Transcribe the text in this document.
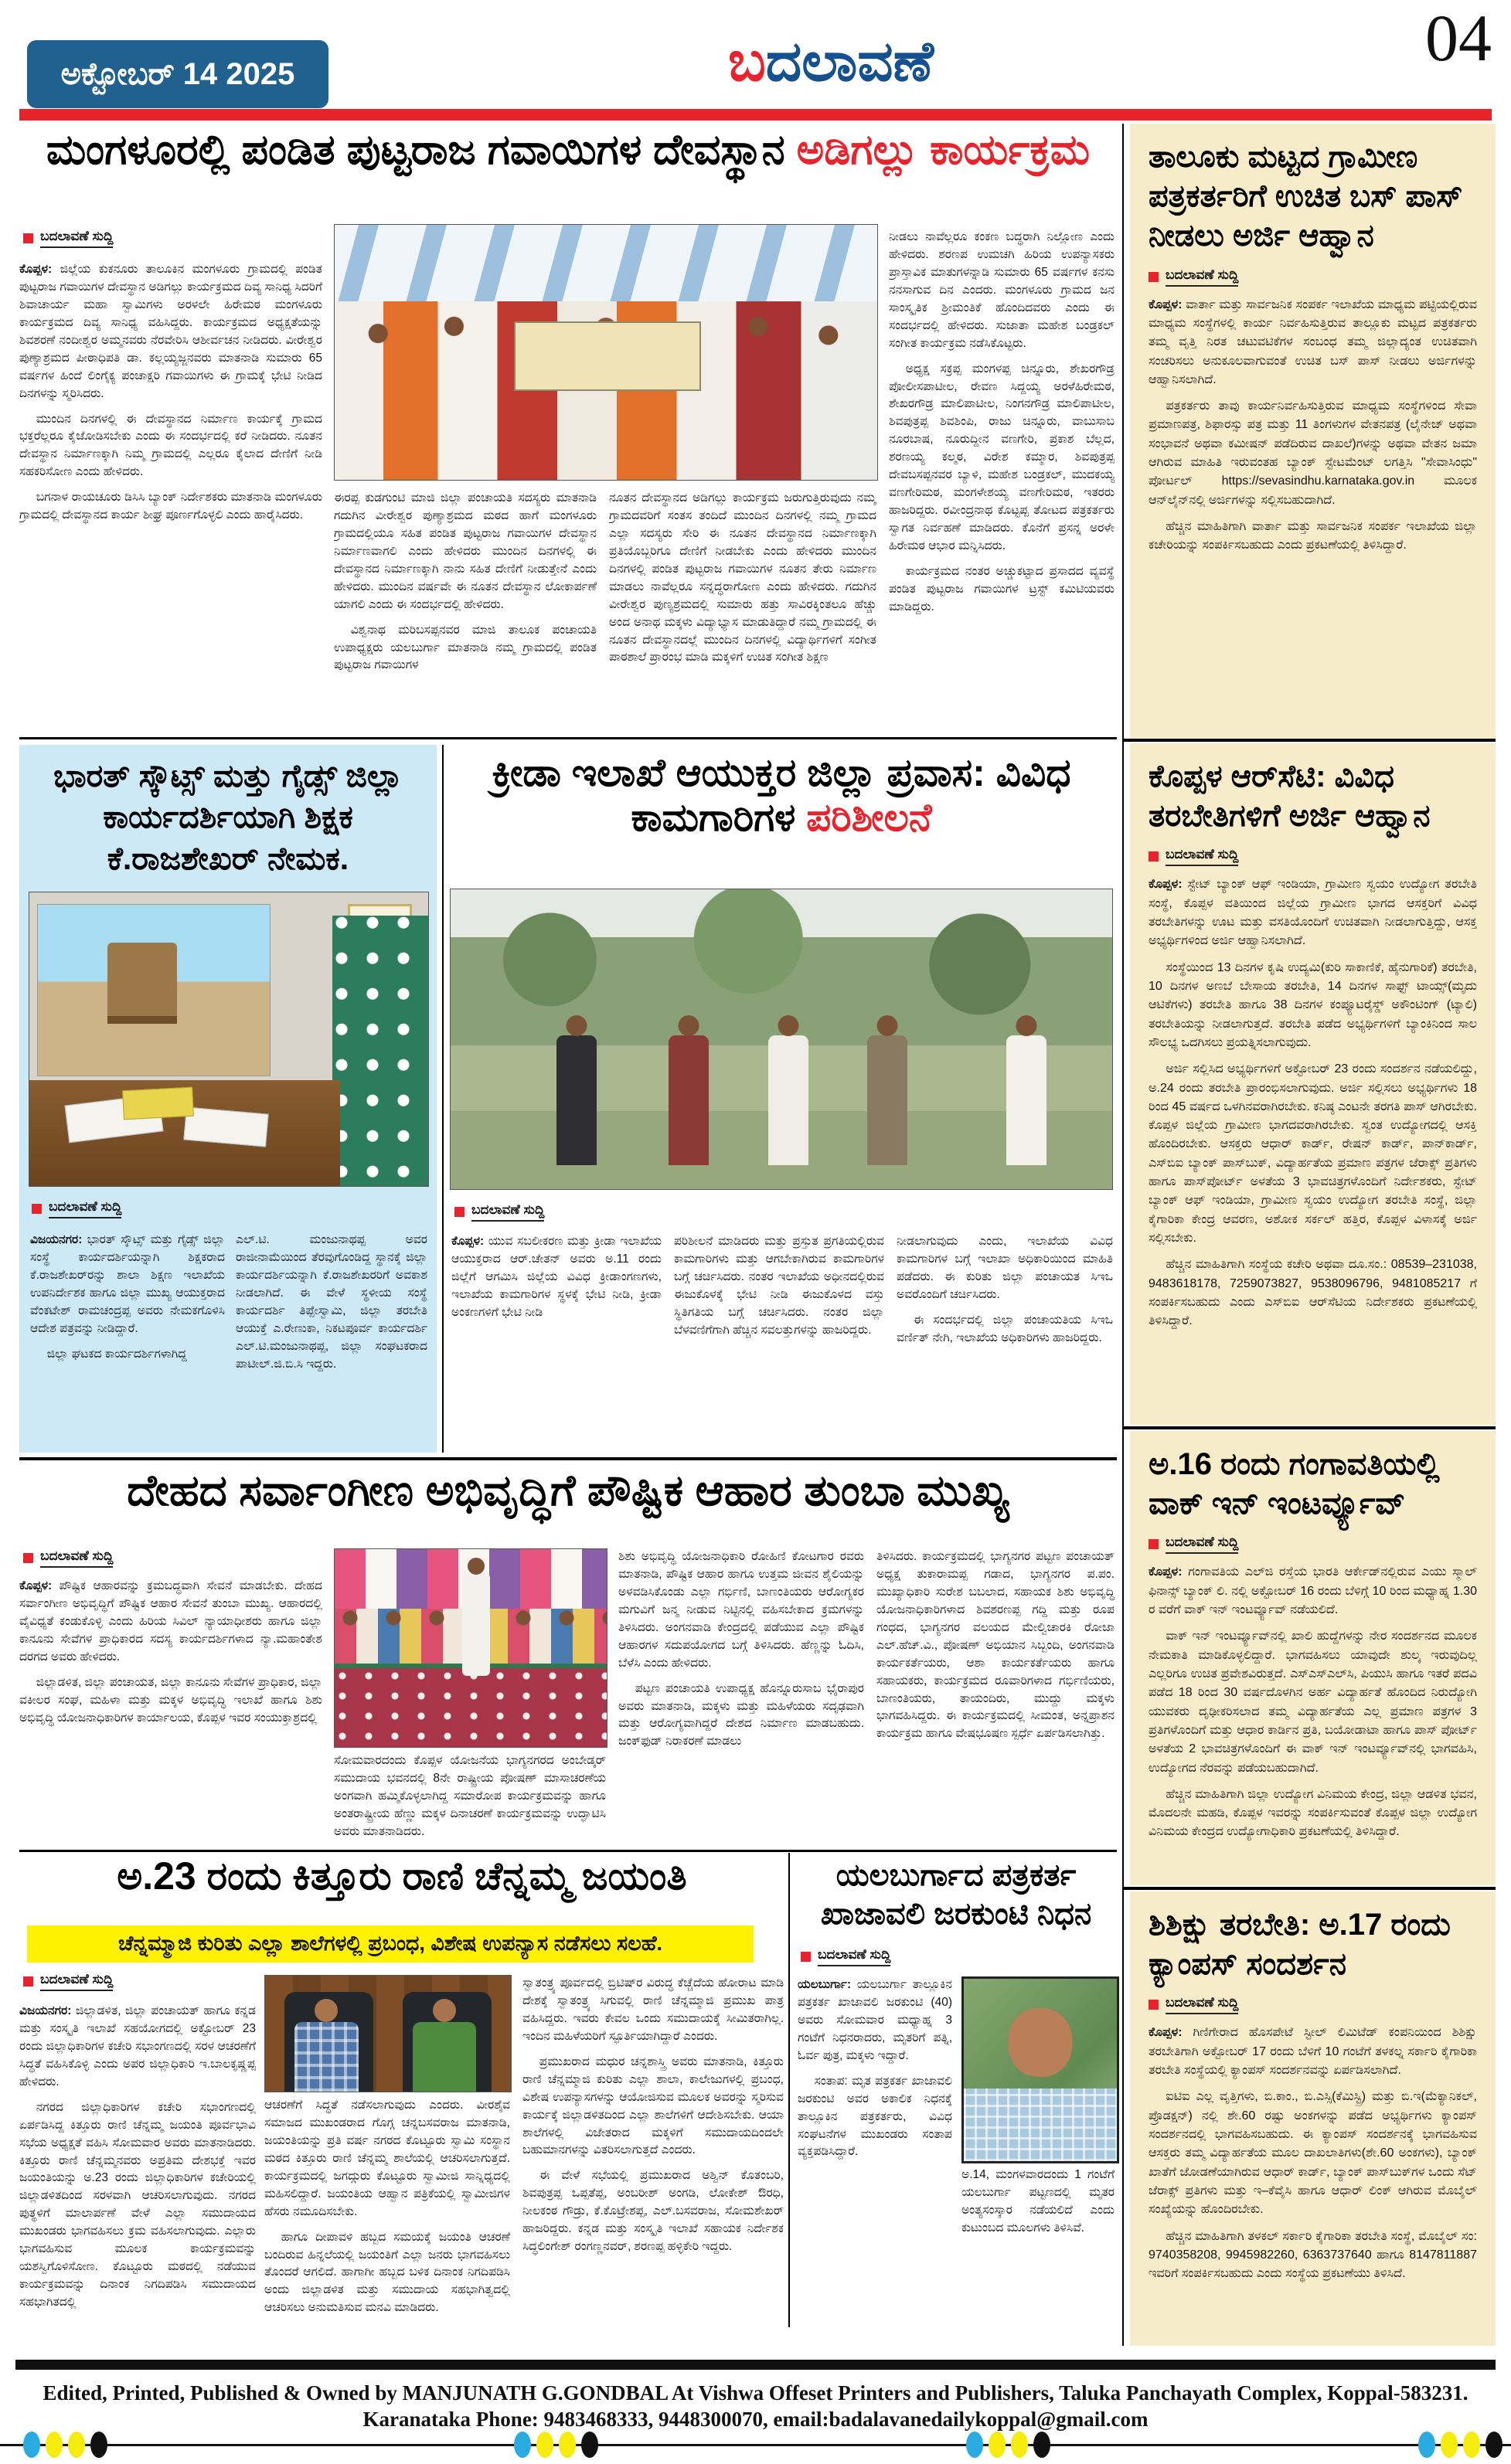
ಅಕ್ಟೋಬರ್ 14 2025	ಬದಲಾವಣೆ	04
ಮಂಗಳೂರಲ್ಲಿ ಪಂಡಿತ ಪುಟ್ಟರಾಜ ಗವಾಯಿಗಳ ದೇವಸ್ಥಾನ ಅಡಿಗಲ್ಲು ಕಾರ್ಯಕ್ರಮ
ಬದಲಾವಣೆ ಸುದ್ದಿ

ಕೊಪ್ಪಳ: ಜಿಲ್ಲೆಯ ಕುಕನೂರು ತಾಲೂಕಿನ ಮಂಗಳೂರು ಗ್ರಾಮದಲ್ಲಿ ಪಂಡಿತ ಪುಟ್ಟರಾಜ ಗವಾಯಿಗಳ ದೇವಸ್ಥಾನ ಅಡಿಗಲ್ಲು ಕಾರ್ಯಕ್ರಮದ ದಿವ್ಯ ಸಾನಿಧ್ಯ ಸಿದರಿಗೆ ಶಿವಾಚಾರ್ಯ ಮಹಾ ಸ್ವಾಮಿಗಳು ಅರಳಲೇ ಹಿರೇಮಠ ಮಂಗಳೂರು ಕಾರ್ಯಕ್ರಮದ ದಿವ್ಯ ಸಾನಿಧ್ಯ ವಹಿಸಿದ್ದರು. ಕಾರ್ಯಕ್ರಮದ ಅಧ್ಯಕ್ಷತೆಯನ್ನು ಶಿವಶರಣೆ ನಂದೀಶ್ವರ ಅಮ್ಮನವರು ನೆರವೇರಿಸಿ ಆಶೀರ್ವಚನ ನೀಡಿದರು. ವೀರೇಶ್ವರ ಪುಣ್ಯಾಶ್ರಮದ ಪೀಠಾಧಿಪತಿ ಡಾ. ಕಲ್ಲಯ್ಯಜ್ಜನವರು ಮಾತನಾಡಿ ಸುಮಾರು 65 ವರ್ಷಗಳ ಹಿಂದೆ ಲಿಂಗೈಕ್ಯ ಪಂಚಾಕ್ಷರಿ ಗವಾಯಿಗಳು ಈ ಗ್ರಾಮಕ್ಕೆ ಭೇಟಿ ನೀಡಿದ ದಿನಗಳನ್ನು ಸ್ಮರಿಸಿದರು.

ಮುಂದಿನ ದಿನಗಳಲ್ಲಿ ಈ ದೇವಸ್ಥಾನದ ನಿರ್ಮಾಣ ಕಾರ್ಯಕ್ಕೆ ಗ್ರಾಮದ ಭಕ್ತರೆಲ್ಲರೂ ಕೈಜೋಡಿಸಬೇಕು ಎಂದು ಈ ಸಂದರ್ಭದಲ್ಲಿ ಕರೆ ನೀಡಿದರು. ನೂತನ ದೇವಸ್ಥಾನ ನಿರ್ಮಾಣಕ್ಕಾಗಿ ನಿಮ್ಮ ಗ್ರಾಮದಲ್ಲಿ ಎಲ್ಲರೂ ಕೈಲಾದ ದೇಣಿಗೆ ನೀಡಿ ಸಹಕರಿಸೋಣ ಎಂದು ಹೇಳಿದರು.

ಬಗನಾಳ ರಾಯಚೂರು ಡಿಸಿಸಿ ಬ್ಯಾಂಕ್ ನಿರ್ದೇಶಕರು ಮಾತನಾಡಿ ಮಂಗಳೂರು ಗ್ರಾಮದಲ್ಲಿ ದೇವಸ್ಥಾನದ ಕಾರ್ಯ ಶೀಘ್ರ ಪೂರ್ಣಗೊಳ್ಳಲಿ ಎಂದು ಹಾರೈಸಿದರು.

ನೀಡಲು ನಾವೆಲ್ಲರೂ ಕಂಕಣ ಬದ್ಧರಾಗಿ ನಿಲ್ಲೋಣ ಎಂದು ಹೇಳಿದರು. ಶರಣಪ ಉಮಚಗಿ ಹಿರಿಯ ಉಪನ್ಯಾಸಕರು ಪ್ರಾಸ್ತಾವಿಕ ಮಾತುಗಳನ್ನಾಡಿ ಸುಮಾರು 65 ವರ್ಷಗಳ ಕನಸು ನನಸಾಗುವ ದಿನ ಎಂದರು. ಮಂಗಳೂರು ಗ್ರಾಮದ ಜನ ಸಾಂಸ್ಕೃತಿಕ ಶ್ರೀಮಂತಿಕೆ ಹೊಂದಿದವರು ಎಂದು ಈ ಸಂದರ್ಭದಲ್ಲಿ ಹೇಳಿದರು. ಸುಜಾತಾ ಮಹೇಶ ಬಂಡ್ರಕಲ್ ಸಂಗೀತ ಕಾರ್ಯಕ್ರಮ ನಡೆಸಿಕೊಟ್ಟರು.

ಅಧ್ಯಕ್ಷ ಸಕ್ರಪ್ಪ ಮಂಗಳಪ್ಪ ಚಿನ್ನೂರು, ಶೇಖರಗೌಡ್ರ ಪೋಲೀಸಪಾಟೀಲ, ರೇವಣ ಸಿದ್ದಯ್ಯ ಅರಳೆಹಿರೇಮಠ, ಶೇಖರಗೌಡ್ರ ಮಾಲಿಪಾಟೀಲ, ನಿಂಗನಗೌಡ್ರ ಮಾಲಿಪಾಟೀಲ, ಶಿವಪುತ್ರಪ್ಪ ಶಿವಶಿಂಪಿ, ರಾಜು ಚಿನ್ನೂರು, ವಾಬುಸಾಬ ನೂರಬಾಷ, ನೂರುದ್ದೀನ ವಣಗೇರಿ, ಪ್ರಕಾಶ ಬೆಲ್ಲದ, ಶರಣಯ್ಯ ಕಲ್ಮಠ, ವಿರೇಶ ಕಮ್ಮಾರ, ಶಿವಪುತ್ರಪ್ಪ ದೇವಬಸಪ್ಪನವರ ಬ್ಯಾಳಿ, ಮಹೇಶ ಬಂಡ್ರಕಲ್, ಮುದಕಯ್ಯ ವಣಗೇರಿಮಠ, ಮಂಗಳೇಶಯ್ಯ ವಣಗೇರಿಮಠ, ಇತರರು ಹಾಜರಿದ್ದರು. ರವೀಂದ್ರನಾಥ ಕೊಟ್ಟಪ್ಪ ತೋಟದ ಪತ್ರಕರ್ತರು ಸ್ವಾಗತ ನಿರ್ವಹಣೆ ಮಾಡಿದರು. ಕೊನೆಗೆ ಪ್ರಸನ್ನ ಅರಳೇ ಹಿರೇಮಠ ಆಭಾರ ಮನ್ನಿಸಿದರು.

ಕಾರ್ಯಕ್ರಮದ ನಂತರ ಅಚ್ಚುಕಟ್ಟಾದ ಪ್ರಸಾದದ ವ್ಯವಸ್ಥೆ ಪಂಡಿತ ಪುಟ್ಟರಾಜ ಗವಾಯಿಗಳ ಟ್ರಸ್ಟ್ ಕಮಿಟಿಯವರು ಮಾಡಿದ್ದರು.

ಈರಪ್ಪ ಕುಡಗುಂಟಿ ಮಾಜಿ ಜಿಲ್ಲಾ ಪಂಚಾಯತಿ ಸದಸ್ಯರು ಮಾತನಾಡಿ ಗದುಗಿನ ವೀರೇಶ್ವರ ಪುಣ್ಯಾಶ್ರಮದ ಮಠದ ಹಾಗೆ ಮಂಗಳೂರು ಗ್ರಾಮದಲ್ಲಿಯೂ ಸಹಿತ ಪಂಡಿತ ಪುಟ್ಟರಾಜ ಗವಾಯಿಗಳ ದೇವಸ್ಥಾನ ನಿರ್ಮಾಣವಾಗಲಿ ಎಂದು ಹೇಳಿದರು ಮುಂದಿನ ದಿನಗಳಲ್ಲಿ ಈ ದೇವಸ್ಥಾನದ ನಿರ್ಮಾಣಕ್ಕಾಗಿ ನಾನು ಸಹಿತ ದೇಣಿಗೆ ನೀಡುತ್ತೇನೆ ಎಂದು ಹೇಳಿದರು. ಮುಂದಿನ ವರ್ಷವೇ ಈ ನೂತನ ದೇವಸ್ಥಾನ ಲೋಕಾರ್ಪಣೆ ಯಾಗಲಿ ಎಂದು ಈ ಸಂದರ್ಭದಲ್ಲಿ ಹೇಳಿದರು.

ವಿಶ್ವನಾಥ ಮರಿಬಸಪ್ಪನವರ ಮಾಜಿ ತಾಲೂಕ ಪಂಚಾಯತಿ ಉಪಾಧ್ಯಕ್ಷರು ಯಲಬುರ್ಗಾ ಮಾತನಾಡಿ ನಮ್ಮ ಗ್ರಾಮದಲ್ಲಿ ಪಂಡಿತ ಪುಟ್ಟರಾಜ ಗವಾಯಿಗಳ

ನೂತನ ದೇವಸ್ಥಾನದ ಅಡಿಗಲ್ಲು ಕಾರ್ಯಕ್ರಮ ಜರುಗುತ್ತಿರುವುದು ನಮ್ಮ ಗ್ರಾಮದವರಿಗೆ ಸಂತಸ ತಂದಿದೆ ಮುಂದಿನ ದಿನಗಳಲ್ಲಿ ನಮ್ಮ ಗ್ರಾಮದ ಎಲ್ಲಾ ಸದಸ್ಯರು ಸೇರಿ ಈ ನೂತನ ದೇವಸ್ಥಾನದ ನಿರ್ಮಾಣಕ್ಕಾಗಿ ಪ್ರತಿಯೊಬ್ಬರಿಗೂ ದೇಣಿಗೆ ನೀಡಬೇಕು ಎಂದು ಹೇಳಿದರು ಮುಂದಿನ ದಿನಗಳಲ್ಲಿ ಪಂಡಿತ ಪುಟ್ಟರಾಜ ಗವಾಯಿಗಳ ನೂತನ ತೇರು ನಿರ್ಮಾಣ ಮಾಡಲು ನಾವೆಲ್ಲರೂ ಸನ್ನದ್ಧರಾಗೋಣ ಎಂದು ಹೇಳಿದರು. ಗದುಗಿನ ವೀರೇಶ್ವರ ಪುಣ್ಯಶ್ರಮದಲ್ಲಿ ಸುಮಾರು ಹತ್ತು ಸಾವಿರಕ್ಕಿಂತಲೂ ಹೆಚ್ಚು ಅಂದ ಅನಾಥ ಮಕ್ಕಳು ವಿದ್ಯಾಭ್ಯಾಸ ಮಾಡುತಿದ್ದಾರೆ ನಮ್ಮ ಗ್ರಾಮದಲ್ಲಿ ಈ ನೂತನ ದೇವಸ್ಥಾನದಲ್ಲೆ ಮುಂದಿನ ದಿನಗಳಲ್ಲಿ ವಿದ್ಯಾರ್ಥಿಗಳಿಗೆ ಸಂಗೀತ ಪಾಠಶಾಲೆ ಪ್ರಾರಂಭ ಮಾಡಿ ಮಕ್ಕಳಿಗೆ ಉಚಿತ ಸಂಗೀತ ಶಿಕ್ಷಣ

ಭಾರತ್ ಸ್ಕೌಟ್ಸ್ ಮತ್ತು ಗೈಡ್ಸ್ ಜಿಲ್ಲಾ ಕಾರ್ಯದರ್ಶಿಯಾಗಿ ಶಿಕ್ಷಕ ಕೆ.ರಾಜಶೇಖರ್ ನೇಮಕ.
ಬದಲಾವಣೆ ಸುದ್ದಿ

ವಿಜಯನಗರ: ಭಾರತ್ ಸ್ಕೌಟ್ಸ್ ಮತ್ತು ಗೈಡ್ಸ್ ಜಿಲ್ಲಾ ಸಂಸ್ಥೆ ಕಾರ್ಯದರ್ಶಿಯನ್ನಾಗಿ ಶಿಕ್ಷಕರಾದ ಕೆ.ರಾಜಶೇಖರ್‌ರನ್ನು ಶಾಲಾ ಶಿಕ್ಷಣ ಇಲಾಖೆಯ ಉಪನಿರ್ದೇಶಕ ಹಾಗೂ ಜಿಲ್ಲಾ ಮುಖ್ಯ ಆಯುಕ್ತರಾದ ವೆಂಕಟೇಶ್ ರಾಮಚಂದ್ರಪ್ಪ ಅವರು ನೇಮಕಗೊಳಿಸಿ ಆದೇಶ ಪತ್ರವನ್ನು ನೀಡಿದ್ದಾರೆ.

ಜಿಲ್ಲಾ ಘಟಕದ ಕಾರ್ಯದರ್ಶಿಗಳಾಗಿದ್ದ

ಎಲ್.ಟಿ. ಮಂಜುನಾಥಪ್ಪ ಅವರ ರಾಜೀನಾಮೆಯಿಂದ ತೆರವುಗೊಂಡಿದ್ದ ಸ್ಥಾನಕ್ಕೆ ಜಿಲ್ಲಾ ಕಾರ್ಯದರ್ಶಿಯನ್ನಾಗಿ ಕೆ.ರಾಜಶೇಖರರಿಗೆ ಅವಕಾಶ ನೀಡಲಾಗಿದೆ. ಈ ವೇಳೆ ಸ್ಥಳೀಯ ಸಂಸ್ಥೆ ಕಾರ್ಯದರ್ಶಿ ತಿಪ್ಪೇಸ್ವಾಮಿ, ಜಿಲ್ಲಾ ತರಬೇತಿ ಆಯುಕ್ತೆ ಎ.ರೇಣುಕಾ, ನಿಕಟಪೂರ್ವ ಕಾರ್ಯದರ್ಶಿ ಎಲ್.ಟಿ.ಮಂಜುನಾಥಪ್ಪ, ಜಿಲ್ಲಾ ಸಂಘಟಕರಾದ ಪಾಟೀಲ್.ಜಿ.ಬಿ.ಸಿ ಇದ್ದರು.

ಕ್ರೀಡಾ ಇಲಾಖೆ ಆಯುಕ್ತರ ಜಿಲ್ಲಾ ಪ್ರವಾಸ: ವಿವಿಧ ಕಾಮಗಾರಿಗಳ ಪರಿಶೀಲನೆ
ಬದಲಾವಣೆ ಸುದ್ದಿ

ಕೊಪ್ಪಳ: ಯುವ ಸಬಲೀಕರಣ ಮತ್ತು ಕ್ರೀಡಾ ಇಲಾಖೆಯ ಆಯುಕ್ತರಾದ ಆರ್.ಚೇತನ್ ಅವರು ಅ.11 ರಂದು ಜಿಲ್ಲೆಗೆ ಆಗಮಿಸಿ ಜಿಲ್ಲೆಯ ವಿವಿಧ ಕ್ರೀಡಾಂಗಣಗಳು, ಇಲಾಖೆಯ ಕಾಮಗಾರಿಗಳ ಸ್ಥಳಕ್ಕೆ ಭೇಟಿ ನೀಡಿ, ಕ್ರೀಡಾ ಅಂಕಣಗಳಿಗೆ ಭೇಟಿ ನೀಡಿ

ಪರಿಶೀಲನೆ ಮಾಡಿದರು ಮತ್ತು ಪ್ರಸ್ತುತ ಪ್ರಗತಿಯಲ್ಲಿರುವ ಕಾಮಗಾರಿಗಳು ಮತ್ತು ಆಗಬೇಕಾಗಿರುವ ಕಾಮಗಾರಿಗಳ ಬಗ್ಗೆ ಚರ್ಚಿಸಿದರು. ನಂತರ ಇಲಾಖೆಯ ಅಧೀನದಲ್ಲಿರುವ ಈಜುಕೊಳಕ್ಕೆ ಭೇಟಿ ನೀಡಿ ಈಜುಕೊಳದ ವಸ್ತು ಸ್ಥಿತಿಗತಿಯ ಬಗ್ಗೆ ಚರ್ಚಿಸಿದರು. ನಂತರ ಜಿಲ್ಲಾ ಬೆಳವಣಿಗೆಗಾಗಿ ಹೆಚ್ಚಿನ ಸವಲತ್ತುಗಳನ್ನು ಹಾಜರಿದ್ದರು.

ನೀಡಲಾಗುವುದು ಎಂದು, ಇಲಾಖೆಯ ವಿವಿಧ ಕಾಮಗಾರಿಗಳ ಬಗ್ಗೆ ಇಲಾಖಾ ಅಧಿಕಾರಿಯಿಂದ ಮಾಹಿತಿ ಪಡೆದರು. ಈ ಕುರಿತು ಜಿಲ್ಲಾ ಪಂಚಾಯತ ಸಿಇಒ ಅವರೊಂದಿಗೆ ಚರ್ಚಿಸಿದರು.

ಈ ಸಂದರ್ಭದಲ್ಲಿ ಜಿಲ್ಲಾ ಪಂಚಾಯತಿಯ ಸಿಇಒ ವರ್ಣಿತ್ ನೇಗಿ, ಇಲಾಖೆಯ ಅಧಿಕಾರಿಗಳು ಹಾಜರಿದ್ದರು.

ದೇಹದ ಸರ್ವಾಂಗೀಣ ಅಭಿವೃದ್ಧಿಗೆ ಪೌಷ್ಟಿಕ ಆಹಾರ ತುಂಬಾ ಮುಖ್ಯ
ಬದಲಾವಣೆ ಸುದ್ದಿ

ಕೊಪ್ಪಳ: ಪೌಷ್ಟಿಕ ಆಹಾರವನ್ನು ಕ್ರಮಬದ್ಧವಾಗಿ ಸೇವನೆ ಮಾಡಬೇಕು. ದೇಹದ ಸರ್ವಾಂಗೀಣ ಅಭಿವೃದ್ಧಿಗೆ ಪೌಷ್ಟಿಕ ಆಹಾರ ಸೇವನೆ ತುಂಬಾ ಮುಖ್ಯ. ಆಹಾರದಲ್ಲಿ ವೈವಿಧ್ಯತೆ ಕಂಡುಕೊಳ್ಳಿ ಎಂದು ಹಿರಿಯ ಸಿವಿಲ್ ನ್ಯಾಯಾಧೀಶರು ಹಾಗೂ ಜಿಲ್ಲಾ ಕಾನೂನು ಸೇವೆಗಳ ಪ್ರಾಧಿಕಾರದ ಸದಸ್ಯ ಕಾರ್ಯದರ್ಶಿಗಳಾದ ನ್ಯಾ.ಮಹಾಂತೇಶ ದರಗದ ಅವರು ಹೇಳಿದರು.

ಜಿಲ್ಲಾಡಳಿತ, ಜಿಲ್ಲಾ ಪಂಚಾಯತ, ಜಿಲ್ಲಾ ಕಾನೂನು ಸೇವೆಗಳ ಪ್ರಾಧಿಕಾರ, ಜಿಲ್ಲಾ ವಕೀಲರ ಸಂಘ, ಮಹಿಳಾ ಮತ್ತು ಮಕ್ಕಳ ಅಭಿವೃದ್ಧಿ ಇಲಾಖೆ ಹಾಗೂ ಶಿಶು ಅಭಿವೃದ್ಧಿ ಯೋಜನಾಧಿಕಾರಿಗಳ ಕಾರ್ಯಾಲಯ, ಕೊಪ್ಪಳ ಇವರ ಸಂಯುಕ್ತಾಶ್ರದಲ್ಲಿ

ಸೋಮವಾರದಂದು ಕೊಪ್ಪಳ ಯೋಜನೆಯ ಭಾಗ್ಯನಗರದ ಅಂಬೇಡ್ಕರ್ ಸಮುದಾಯ ಭವನದಲ್ಲಿ 8ನೇ ರಾಷ್ಟ್ರೀಯ ಪೋಷಣ್ ಮಾಸಾಚರಣೆಯ ಅಂಗವಾಗಿ ಹಮ್ಮಿಕೊಳ್ಳಲಾಗಿದ್ದ ಸಮಾರೋಪ ಕಾರ್ಯಕ್ರಮವನ್ನು ಹಾಗೂ ಅಂತರಾಷ್ಟ್ರೀಯ ಹೆಣ್ಣು ಮಕ್ಕಳ ದಿನಾಚರಣೆ ಕಾರ್ಯಕ್ರಮವನ್ನು ಉದ್ಘಾಟಿಸಿ ಅವರು ಮಾತನಾಡಿದರು.

ಶಿಶು ಅಭಿವೃದ್ಧಿ ಯೋಜನಾಧಿಕಾರಿ ರೋಹಿಣಿ ಕೋಟಗಾರ ರವರು ಮಾತನಾಡಿ, ಪೌಷ್ಟಿಕ ಆಹಾರ ಹಾಗೂ ಉತ್ತಮ ಜೀವನ ಶೈಲಿಯನ್ನು ಅಳವಡಿಸಿಕೊಂಡು ಎಲ್ಲಾ ಗರ್ಭಿಣಿ, ಬಾಣಂತಿಯರು ಆರೋಗ್ಯಕರ ಮಗುವಿಗೆ ಜನ್ಮ ನೀಡುವ ನಿಟ್ಟಿನಲ್ಲಿ ವಹಿಸಬೇಕಾದ ಕ್ರಮಗಳನ್ನು ತಿಳಿಸಿದರು. ಅಂಗನವಾಡಿ ಕೇಂದ್ರದಲ್ಲಿ ಪಡೆಯುವ ಎಲ್ಲಾ ಪೌಷ್ಟಿಕ ಆಹಾರಗಳ ಸದುಪಯೋಗದ ಬಗ್ಗೆ ತಿಳಿಸಿದರು. ಹೆಣ್ಣನ್ನು ಓದಿಸಿ, ಬೆಳೆಸಿ ಎಂದು ಹೇಳಿದರು.

ಪಟ್ಟಣ ಪಂಚಾಯತಿ ಉಪಾಧ್ಯಕ್ಷ ಹೊನ್ನೂರುಸಾಬ ಭೈರಾಪುರ ಅವರು ಮಾತನಾಡಿ, ಮಕ್ಕಳು ಮತ್ತು ಮಹಿಳೆಯರು ಸದೃಢವಾಗಿ ಮತ್ತು ಆರೋಗ್ಯವಾಗಿದ್ದರೆ ದೇಶದ ನಿರ್ಮಾಣ ಮಾಡಬಹುದು. ಜಂಕ್‌ಫುಡ್ ನಿರಾಕರಣೆ ಮಾಡಲು

ತಿಳಿಸಿದರು. ಕಾರ್ಯಕ್ರಮದಲ್ಲಿ ಭಾಗ್ಯನಗರ ಪಟ್ಟಣ ಪಂಚಾಯತ್ ಅಧ್ಯಕ್ಷ ತುಕಾರಾಮಪ್ಪ ಗಡಾದ, ಭಾಗ್ಯನಗರ ಪ.ಪಂ. ಮುಖ್ಯಾಧಿಕಾರಿ ಸುರೇಶ ಬಬಲಾದ, ಸಹಾಯಕ ಶಿಶು ಅಭಿವೃದ್ಧಿ ಯೋಜನಾಧಿಕಾರಿಗಳಾದ ಶಿವಶರಣಪ್ಪ ಗದ್ದಿ ಮತ್ತು ರೂಪ ಗಂಧದ, ಭಾಗ್ಯನಗರ ವಲಯದ ಮೇಲ್ವಿಚಾರಕಿ ರೋಜಾ ಎಲ್.ಹೆಚ್.ವಿ., ಪೋಷಣ್ ಅಭಿಯಾನ ಸಿಬ್ಬಂದಿ, ಅಂಗನವಾಡಿ ಕಾರ್ಯಕರ್ತೆಯರು, ಆಶಾ ಕಾರ್ಯಕರ್ತೆಯರು ಹಾಗೂ ಸಹಾಯಕರು, ಕಾರ್ಯಕ್ರಮದ ರೂವಾರಿಗಳಾದ ಗರ್ಭಿಣಿಯರು, ಬಾಣಂತಿಯರು, ತಾಯಂದಿರು, ಮುದ್ದು ಮಕ್ಕಳು ಭಾಗವಹಿಸಿದ್ದರು. ಈ ಕಾರ್ಯಕ್ರಮದಲ್ಲಿ ಸೀಮಂತ, ಅನ್ನಪ್ರಾಶನ ಕಾರ್ಯಕ್ರಮ ಹಾಗೂ ವೇಷಭೂಷಣ ಸ್ಪರ್ಧೆ ಏರ್ಪಡಿಸಲಾಗಿತ್ತು.

ಅ.23 ರಂದು ಕಿತ್ತೂರು ರಾಣಿ ಚೆನ್ನಮ್ಮ ಜಯಂತಿ
ಚೆನ್ನಮ್ಮಾಜಿ ಕುರಿತು ಎಲ್ಲಾ ಶಾಲೆಗಳಲ್ಲಿ ಪ್ರಬಂಧ, ವಿಶೇಷ ಉಪನ್ಯಾಸ ನಡೆಸಲು ಸಲಹೆ.
ಬದಲಾವಣೆ ಸುದ್ದಿ

ವಿಜಯನಗರ: ಜಿಲ್ಲಾಡಳಿತ, ಜಿಲ್ಲಾ ಪಂಚಾಯತ್ ಹಾಗೂ ಕನ್ನಡ ಮತ್ತು ಸಂಸ್ಕೃತಿ ಇಲಾಖೆ ಸಹಯೋಗದಲ್ಲಿ ಅಕ್ಟೋಬರ್ 23 ರಂದು ಜಿಲ್ಲಾಧಿಕಾರಿಗಳ ಕಚೇರಿ ಸಭಾಂಗಣದಲ್ಲಿ ಸರಳ ಆಚರಣೆಗೆ ಸಿದ್ಧತೆ ವಹಿಸಿಕೊಳ್ಳಿ ಎಂದು ಅಪರ ಜಿಲ್ಲಾಧಿಕಾರಿ ಇ.ಬಾಲಕೃಷ್ಣಪ್ಪ ಹೇಳಿದರು.

ನಗರದ ಜಿಲ್ಲಾಧಿಕಾರಿಗಳ ಕಚೇರಿ ಸಭಾಂಗಣದಲ್ಲಿ ಏರ್ಪಡಿಸಿದ್ದ ಕಿತ್ತೂರು ರಾಣಿ ಚೆನ್ನಮ್ಮ ಜಯಂತಿ ಪೂರ್ವಭಾವಿ ಸಭೆಯ ಅಧ್ಯಕ್ಷತೆ ವಹಿಸಿ ಸೋಮವಾರ ಅವರು ಮಾತನಾಡಿದರು. ಕಿತ್ತೂರು ರಾಣಿ ಚೆನ್ನಮ್ಮನವರು ಅಪ್ರತಿಮ ದೇಶಭಕ್ತೆ ಇವರ ಜಯಂತಿಯನ್ನು ಅ.23 ರಂದು ಜಿಲ್ಲಾಧಿಕಾರಿಗಳ ಕಚೇರಿಯಲ್ಲಿ ಜಿಲ್ಲಾಡಳಿತದಿಂದ ಸರಳವಾಗಿ ಆಚರಿಸಲಾಗುವುದು. ನಗರದ ಪುತ್ಥಳಿಗೆ ಮಾಲಾರ್ಪಣೆ ವೇಳೆ ಎಲ್ಲಾ ಸಮುದಾಯದ ಮುಖಂಡರು ಭಾಗವಹಿಸಲು ಕ್ರಮ ವಹಿಸಲಾಗುವುದು. ಎಲ್ಲಾರು ಭಾಗವಹಿಸುವ ಮೂಲಕ ಕಾರ್ಯಕ್ರಮವನ್ನು ಯಶಸ್ವಿಗೊಳಿಸೋಣ. ಕೊಟ್ಟೂರು ಮಠದಲ್ಲಿ ನಡೆಯುವ ಕಾರ್ಯಕ್ರಮವನ್ನು ದಿನಾಂಕ ನಿಗದಿಪಡಿಸಿ ಸಮುದಾಯದ ಸಹಭಾಗಿತದಲ್ಲಿ

ಆಚರಣೆಗೆ ಸಿದ್ಧತೆ ನಡೆಸಲಾಗುವುದು ಎಂದರು. ವೀರಶೈವ ಸಮಾಜದ ಮುಖಂಡರಾದ ಗೊಗ್ಗ ಚನ್ನಬಸವರಾಜ ಮಾತನಾಡಿ, ಜಯಂತಿಯನ್ನು ಪ್ರತಿ ವರ್ಷ ನಗರದ ಕೊಟ್ಟೂರು ಸ್ವಾಮಿ ಸಂಸ್ಥಾನ ಮಠದ ಕಿತ್ತೂರು ರಾಣಿ ಚೆನ್ನಮ್ಮ ಶಾಲೆಯಲ್ಲಿ ಆಚರಿಸಲಾಗುತ್ತದೆ. ಕಾರ್ಯಕ್ರಮದಲ್ಲಿ ಜಗದ್ಗುರು ಕೊಟ್ಟೂರು ಸ್ವಾಮೀಜಿ ಸಾನ್ನಿಧ್ಯದಲ್ಲಿ ಮಹಿಸಲಿದ್ದಾರೆ. ಜಯಂತಿಯ ಆಹ್ವಾನ ಪತ್ರಿಕೆಯಲ್ಲಿ ಸ್ವಾಮೀಜಿಗಳ ಹೆಸರು ನಮೂದಿಸಬೇಕು.

ಹಾಗೂ ದೀಪಾವಳಿ ಹಬ್ಬದ ಸಮಯಕ್ಕೆ ಜಯಂತಿ ಆಚರಣೆ ಬಂದಿರುವ ಹಿನ್ನಲೆಯಲ್ಲಿ ಜಯಂತಿಗೆ ಎಲ್ಲಾ ಜನರು ಭಾಗವಹಿಸಲು ತೊಂದರೆ ಆಗಲಿದೆ. ಹಾಗಾಗೀ ಹಬ್ಬದ ಬಳಿಕ ದಿನಾಂಕ ನಿಗದಿಪಡಿಸಿ ಅಂದು ಜಿಲ್ಲಾಡಳಿತ ಮತ್ತು ಸಮುದಾಯ ಸಹಭಾಗಿತ್ವದಲ್ಲಿ ಆಚರಿಸಲು ಅನುಮತಿಸುವ ಮನವಿ ಮಾಡಿದರು.

ಸ್ವಾತಂತ್ರ್ಯ ಪೂರ್ವದಲ್ಲಿ ಬ್ರಿಟಿಷ್‌ರ ವಿರುದ್ಧ ಕೆಚ್ಚೆದೆಯ ಹೋರಾಟ ಮಾಡಿ ದೇಶಕ್ಕೆ ಸ್ವಾತಂತ್ರ್ಯ ಸಿಗುವಲ್ಲಿ ರಾಣಿ ಚೆನ್ನಮ್ಮಾಜಿ ಪ್ರಮುಖ ಪಾತ್ರ ವಹಿಸಿದ್ದರು. ಇವರು ಕೇವಲ ಒಂದು ಸಮುದಾಯಕ್ಕೆ ಸೀಮಿತರಾಗಿಲ್ಲ. ಇಂದಿನ ಮಹಿಳೆಯರಿಗೆ ಸ್ಫೂರ್ತಿಯಾಗಿದ್ದಾರೆ ಎಂದರು.

ಪ್ರಮುಖರಾದ ಮಧುರ ಚನ್ನಶಾಸ್ತ್ರಿ ಅವರು ಮಾತನಾಡಿ, ಕಿತ್ತೂರು ರಾಣಿ ಚೆನ್ನಮ್ಮಾಜಿ ಕುರಿತು ಎಲ್ಲಾ ಶಾಲಾ, ಕಾಲೇಜುಗಳಲ್ಲಿ ಪ್ರಬಂಧ, ವಿಶೇಷ ಉಪನ್ಯಾಸಗಳನ್ನು ಆಯೋಜಿಸುವ ಮೂಲಕ ಅವರನ್ನು ಸ್ಮರಿಸುವ ಕಾರ್ಯಕ್ಕೆ ಜಿಲ್ಲಾಡಳಿತದಿಂದ ಎಲ್ಲಾ ಶಾಲೆಗಳಿಗೆ ಆದೇಶಿಸಬೇಕು. ಆಯಾ ಶಾಲೆಗಳಲ್ಲಿ ವಿಜೇತರಾದ ಮಕ್ಕಳಿಗೆ ಸಮುದಾಯದಿಂದಲೇ ಬಹುಮಾನಗಳನ್ನು ವಿತರಿಸಲಾಗುತ್ತದೆ ಎಂದರು.

ಈ ವೇಳೆ ಸಭೆಯಲ್ಲಿ ಪ್ರಮುಖರಾದ ಅಶ್ವಿನ್ ಕೊತಂಬರಿ, ಶಿವಪುತ್ರಪ್ಪ ಒಪ್ಪತೆಪ್ಪ, ಅಂಬರೀಶ್ ಅಂಗಡಿ, ಲೋಕೇಶ್ ಔರಧಿ, ನೀಲಕಂಠ ಗೌಡ್ರು, ಕೆ.ಕೊಟ್ರೇಶಪ್ಪ, ಎಲ್.ಬಸವರಾಜ, ಸೋಮಶೇಖರ್ ಹಾಜರಿದ್ದರು. ಕನ್ನಡ ಮತ್ತು ಸಂಸ್ಕೃತಿ ಇಲಾಖೆ ಸಹಾಯಕ ನಿರ್ದೇಶಕ ಸಿದ್ಧಲಿಂಗೇಶ್ ರಂಗಣ್ಣನವರ್, ಶರಣಪ್ಪ ಹಳ್ಳಿಕೇರಿ ಇದ್ದರು.

ಯಲಬುರ್ಗಾದ ಪತ್ರಕರ್ತ ಖಾಜಾವಲಿ ಜರಕುಂಟಿ ನಿಧನ
ಬದಲಾವಣೆ ಸುದ್ದಿ

ಯಲಬುರ್ಗಾ: ಯಲಬುರ್ಗಾ ತಾಲ್ಲೂಕಿನ ಪತ್ರಕರ್ತ ಖಾಜಾವಲಿ ಜರಕುಂಟಿ (40) ಅವರು ಸೋಮವಾರ ಮಧ್ಯಾಹ್ನ 3 ಗಂಟೆಗೆ ನಿಧನರಾದರು, ಮೃತರಿಗೆ ಪತ್ನಿ, ಓರ್ವ ಪುತ್ರ, ಮಕ್ಕಳು ಇದ್ದಾರೆ.

ಸಂತಾಪ: ಮೃತ ಪತ್ರಕರ್ತ ಖಾಜಾವಲಿ ಜರಕುಂಟಿ ಅವರ ಅಕಾಲಿಕ ನಿಧನಕ್ಕೆ ತಾಲ್ಲೂಕಿನ ಪತ್ರಕರ್ತರು, ವಿವಿಧ ಸಂಘಟನೆಗಳ ಮುಖಂಡರು ಸಂತಾಪ ವ್ಯಕ್ತಪಡಿಸಿದ್ದಾರೆ.

ಅ.14, ಮಂಗಳವಾರದಂದು 1 ಗಂಟೆಗೆ ಯಲಬುರ್ಗಾ ಪಟ್ಟಣದಲ್ಲಿ ಮೃತರ ಅಂತ್ಯಸಂಸ್ಕಾರ ನಡೆಯಲಿದೆ ಎಂದು ಕುಟುಂಬದ ಮೂಲಗಳು ತಿಳಿಸಿವೆ.

ತಾಲೂಕು ಮಟ್ಟದ ಗ್ರಾಮೀಣ ಪತ್ರಕರ್ತರಿಗೆ ಉಚಿತ ಬಸ್ ಪಾಸ್ ನೀಡಲು ಅರ್ಜಿ ಆಹ್ವಾನ
ಬದಲಾವಣೆ ಸುದ್ದಿ

ಕೊಪ್ಪಳ: ವಾರ್ತಾ ಮತ್ತು ಸಾರ್ವಜನಿಕ ಸಂಪರ್ಕ ಇಲಾಖೆಯ ಮಾಧ್ಯಮ ಪಟ್ಟಿಯಲ್ಲಿರುವ ಮಾಧ್ಯಮ ಸಂಸ್ಥೆಗಳಲ್ಲಿ ಕಾರ್ಯ ನಿರ್ವಹಿಸುತ್ತಿರುವ ತಾಲ್ಲೂಕು ಮಟ್ಟದ ಪತ್ರಕರ್ತರು ತಮ್ಮ ವೃತ್ತಿ ನಿರತ ಚಟುವಟಿಕೆಗಳ ಸಂಬಂಧ ತಮ್ಮ ಜಿಲ್ಲಾದ್ಯಂತ ಉಚಿತವಾಗಿ ಸಂಚರಿಸಲು ಅನುಕೂಲವಾಗುವಂತೆ ಉಚಿತ ಬಸ್ ಪಾಸ್ ನೀಡಲು ಅರ್ಜಿಗಳನ್ನು ಆಹ್ವಾನಿಸಲಾಗಿದೆ.

ಪತ್ರಕರ್ತರು ತಾವು ಕಾರ್ಯನಿರ್ವಹಿಸುತ್ತಿರುವ ಮಾಧ್ಯಮ ಸಂಸ್ಥೆಗಳಿಂದ ಸೇವಾ ಪ್ರಮಾಣಪತ್ರ, ಶಿಫಾರಸ್ಸು ಪತ್ರ ಮತ್ತು 11 ತಿಂಗಳುಗಳ ವೇತನಪತ್ರ (ಲೈನೇಜ್ ಅಥವಾ ಸಂಭಾವನೆ ಅಥವಾ ಕಮೀಷನ್ ಪಡೆದಿರುವ ದಾಖಲೆ)ಗಳನ್ನು ಅಥವಾ ವೇತನ ಜಮಾ ಆಗಿರುವ ಮಾಹಿತಿ ಇರುವಂತಹ ಬ್ಯಾಂಕ್ ಸ್ಟೇಟಮೆಂಟ್ ಲಗತ್ತಿಸಿ "ಸೇವಾಸಿಂಧು" ಪೋರ್ಟಲ್ https://sevasindhu.karnataka.gov.in ಮೂಲಕ ಆನ್‌ಲೈನ್‌ನಲ್ಲಿ ಅರ್ಜಿಗಳನ್ನು ಸಲ್ಲಿಸಬಹುದಾಗಿದೆ.

ಹೆಚ್ಚಿನ ಮಾಹಿತಿಗಾಗಿ ವಾರ್ತಾ ಮತ್ತು ಸಾರ್ವಜನಿಕ ಸಂಪರ್ಕ ಇಲಾಖೆಯ ಜಿಲ್ಲಾ ಕಚೇರಿಯನ್ನು ಸಂಪರ್ಕಿಸಬಹುದು ಎಂದು ಪ್ರಕಟಣೆಯಲ್ಲಿ ತಿಳಿಸಿದ್ದಾರೆ.

ಕೊಪ್ಪಳ ಆರ್‌ಸೆಟಿ: ವಿವಿಧ ತರಬೇತಿಗಳಿಗೆ ಅರ್ಜಿ ಆಹ್ವಾನ
ಬದಲಾವಣೆ ಸುದ್ದಿ

ಕೊಪ್ಪಳ: ಸ್ಟೇಟ್ ಬ್ಯಾಂಕ್ ಆಫ್ ಇಂಡಿಯಾ, ಗ್ರಾಮೀಣ ಸ್ವಯಂ ಉದ್ಯೋಗ ತರಬೇತಿ ಸಂಸ್ಥೆ, ಕೊಪ್ಪಳ ವತಿಯಿಂದ ಜಿಲ್ಲೆಯ ಗ್ರಾಮೀಣ ಭಾಗದ ಆಸಕ್ತರಿಗೆ ವಿವಿಧ ತರಬೇತಿಗಳನ್ನು ಊಟ ಮತ್ತು ವಸತಿಯೊಂದಿಗೆ ಉಚಿತವಾಗಿ ನೀಡಲಾಗುತ್ತಿದ್ದು, ಆಸಕ್ತ ಅಭ್ಯರ್ಥಿಗಳಿಂದ ಅರ್ಜಿ ಆಹ್ವಾನಿಸಲಾಗಿದೆ.

ಸಂಸ್ಥೆಯಿಂದ 13 ದಿನಗಳ ಕೃಷಿ ಉದ್ಯಮಿ(ಕುರಿ ಸಾಕಾಣಿಕೆ, ಹೈನುಗಾರಿಕೆ) ತರಬೇತಿ, 10 ದಿನಗಳ ಅಣಬೆ ಬೇಸಾಯ ತರಬೇತಿ, 14 ದಿನಗಳ ಸಾಫ್ಟ್ ಟಾಯ್ಸ್(ಮೃದು ಆಟಿಕೆಗಳು) ತರಬೇತಿ ಹಾಗೂ 38 ದಿನಗಳ ಕಂಪ್ಯೂಟರೈಸ್ಡ್ ಅಕೌಂಟಿಂಗ್ (ಟ್ಯಾಲಿ) ತರಬೇತಿಯನ್ನು ನೀಡಲಾಗುತ್ತದೆ. ತರಬೇತಿ ಪಡೆದ ಅಭ್ಯರ್ಥಿಗಳಿಗೆ ಬ್ಯಾಂಕಿನಿಂದ ಸಾಲ ಸೌಲಭ್ಯ ಒದಗಿಸಲು ಪ್ರಯತ್ನಿಸಲಾಗುವುದು.

ಅರ್ಜಿ ಸಲ್ಲಿಸಿದ ಅಭ್ಯರ್ಥಿಗಳಿಗೆ ಅಕ್ಟೋಬರ್ 23 ರಂದು ಸಂದರ್ಶನ ನಡೆಯಲಿದ್ದು, ಅ.24 ರಂದು ತರಬೇತಿ ಪ್ರಾರಂಭಿಸಲಾಗುವುದು. ಅರ್ಜಿ ಸಲ್ಲಿಸಲು ಅಭ್ಯರ್ಥಿಗಳು 18 ರಿಂದ 45 ವರ್ಷದ ಒಳಗಿನವರಾಗಿರಬೇಕು. ಕನಿಷ್ಠ ಎಂಟನೇ ತರಗತಿ ಪಾಸ್ ಆಗಿರಬೇಕು. ಕೊಪ್ಪಳ ಜಿಲ್ಲೆಯ ಗ್ರಾಮೀಣ ಭಾಗದವರಾಗಿರಬೇಕು. ಸ್ವಂತ ಉದ್ಯೋಗದಲ್ಲಿ ಆಸಕ್ತಿ ಹೊಂದಿರಬೇಕು. ಆಸಕ್ತರು ಆಧಾರ್ ಕಾರ್ಡ್, ರೇಷನ್ ಕಾರ್ಡ್, ಪಾನ್‌ಕಾರ್ಡ್, ಎಸ್‌ಬಿಐ ಬ್ಯಾಂಕ್ ಪಾಸ್‌ಬುಕ್, ವಿದ್ಯಾರ್ಹತೆಯ ಪ್ರಮಾಣ ಪತ್ರಗಳ ಜೆರಾಕ್ಸ್ ಪ್ರತಿಗಳು ಹಾಗೂ ಪಾಸ್‌ಪೋರ್ಟ್ ಅಳತೆಯ 3 ಭಾವಚಿತ್ರಗಳೊಂದಿಗೆ ನಿರ್ದೇಶಕರು, ಸ್ಟೇಟ್ ಬ್ಯಾಂಕ್ ಆಫ್ ಇಂಡಿಯಾ, ಗ್ರಾಮೀಣ ಸ್ವಯಂ ಉದ್ಯೋಗ ತರಬೇತಿ ಸಂಸ್ಥೆ, ಜಿಲ್ಲಾ ಕೈಗಾರಿಕಾ ಕೇಂದ್ರ ಆವರಣ, ಅಶೋಕ ಸರ್ಕಲ್ ಹತ್ತಿರ, ಕೊಪ್ಪಳ ವಿಳಾಸಕ್ಕೆ ಅರ್ಜಿ ಸಲ್ಲಿಸಬೇಕು.

ಹೆಚ್ಚಿನ ಮಾಹಿತಿಗಾಗಿ ಸಂಸ್ಥೆಯ ಕಚೇರಿ ಅಥವಾ ದೂ.ಸಂ.: 08539–231038, 9483618178, 7259073827, 9538096796, 9481085217 ಗೆ ಸಂಪರ್ಕಿಸಬಹುದು ಎಂದು ಎಸ್‌ಬಿಐ ಆರ್‌ಸೆಟಿಯ ನಿರ್ದೇಶಕರು ಪ್ರಕಟಣೆಯಲ್ಲಿ ತಿಳಿಸಿದ್ದಾರೆ.

ಅ.16 ರಂದು ಗಂಗಾವತಿಯಲ್ಲಿ ವಾಕ್ ಇನ್ ಇಂಟರ್ವ್ಯೂವ್
ಬದಲಾವಣೆ ಸುದ್ದಿ

ಕೊಪ್ಪಳ: ಗಂಗಾವತಿಯ ಎಲ್‌ಜಿ ರಸ್ತೆಯ ಭಾರತಿ ಆರ್ಕೇಡ್‌ನಲ್ಲಿರುವ ಎಯು ಸ್ಮಾಲ್ ಫಿನಾನ್ಸ್ ಬ್ಯಾಂಕ್ ಲಿ. ನಲ್ಲಿ ಅಕ್ಟೋಬರ್ 16 ರಂದು ಬೆಳಿಗ್ಗೆ 10 ರಿಂದ ಮಧ್ಯಾಹ್ನ 1.30 ರ ವರೆಗೆ ವಾಕ್ ಇನ್ ಇಂಟರ್ವ್ಯೂವ್ ನಡೆಯಲಿದೆ.

ವಾಕ್ ಇನ್ ಇಂಟರ್ವ್ಯೂವ್‌ನಲ್ಲಿ ಖಾಲಿ ಹುದ್ದೆಗಳನ್ನು ನೇರ ಸಂದರ್ಶನದ ಮೂಲಕ ನೇಮಕಾತಿ ಮಾಡಿಕೊಳ್ಳಲಿದ್ದಾರೆ. ಭಾಗವಹಿಸಲು ಯಾವುದೇ ಶುಲ್ಕ ಇರುವುದಿಲ್ಲ ಎಲ್ಲರಿಗೂ ಉಚಿತ ಪ್ರವೇಶವಿರುತ್ತದೆ. ಎಸ್‌ಎಸ್‌ಎಲ್‌ಸಿ, ಪಿಯುಸಿ ಹಾಗೂ ಇತರೆ ಪದವಿ ಪಡೆದ 18 ರಿಂದ 30 ವರ್ಷದೊಳಗಿನ ಅರ್ಹ ವಿದ್ಯಾರ್ಹತೆ ಹೊಂದಿದ ನಿರುದ್ಯೋಗಿ ಯುವಕರು ದೃಢೀಕರಿಸಲಾದ ತಮ್ಮ ವಿದ್ಯಾರ್ಹತೆಯ ಎಲ್ಲ ಪ್ರಮಾಣ ಪತ್ರಗಳ 3 ಪ್ರತಿಗಳೊಂದಿಗೆ ಮತ್ತು ಆಧಾರ ಕಾರ್ಡಿನ ಪ್ರತಿ, ಬಯೋಡಾಟಾ ಹಾಗೂ ಪಾಸ್ ಪೋರ್ಟ್ ಅಳತೆಯ 2 ಭಾವಚಿತ್ರಗಳೊಂದಿಗೆ ಈ ವಾಕ್ ಇನ್ ಇಂಟರ್ವ್ಯೂವ್‌ನಲ್ಲಿ ಭಾಗವಹಿಸಿ, ಉದ್ಯೋಗದ ನೆರವನ್ನು ಪಡೆಯಬಹುದಾಗಿದೆ.

ಹೆಚ್ಚಿನ ಮಾಹಿತಿಗಾಗಿ ಜಿಲ್ಲಾ ಉದ್ಯೋಗ ವಿನಿಮಯ ಕೇಂದ್ರ, ಜಿಲ್ಲಾ ಆಡಳಿತ ಭವನ, ಮೊದಲನೇ ಮಹಡಿ, ಕೊಪ್ಪಳ ಇವರನ್ನು ಸಂಪರ್ಕಿಸುವಂತೆ ಕೊಪ್ಪಳ ಜಿಲ್ಲಾ ಉದ್ಯೋಗ ವಿನಿಮಯ ಕೇಂದ್ರದ ಉದ್ಯೋಗಾಧಿಕಾರಿ ಪ್ರಕಟಣೆಯಲ್ಲಿ ತಿಳಿಸಿದ್ದಾರೆ.

ಶಿಶಿಕ್ಷು ತರಬೇತಿ: ಅ.17 ರಂದು ಕ್ಯಾಂಪಸ್ ಸಂದರ್ಶನ
ಬದಲಾವಣೆ ಸುದ್ದಿ

ಕೊಪ್ಪಳ: ಗಿಣಿಗೇರಾದ ಹೊಸಪೇಟೆ ಸ್ಟೀಲ್ ಲಿಮಿಟೆಡ್ ಕಂಪನಿಯಿಂದ ಶಿಶಿಕ್ಷು ತರಬೇತಿಗಾಗಿ ಅಕ್ಟೋಬರ್ 17 ರಂದು ಬೆಳಿಗೆ 10 ಗಂಟೆಗೆ ತಳಕಲ್ನ ಸರ್ಕಾರಿ ಕೈಗಾರಿಕಾ ತರಬೇತಿ ಸಂಸ್ಥೆಯಲ್ಲಿ ಕ್ಯಾಂಪಸ್ ಸಂದರ್ಶನವನ್ನು ಏರ್ಪಡಿಸಲಾಗಿದೆ.

ಐಟಿಐ ಎಲ್ಲ ವೃತ್ತಿಗಳು, ಬಿ.ಕಾಂ., ಬಿ.ಎಸ್ಸಿ(ಕೆಮಿಸ್ಟ್ರಿ) ಮತ್ತು ಬಿ.ಇ(ಮೆಕ್ಯಾನಿಕಲ್, ಪ್ರೊಡಕ್ಷನ್) ನಲ್ಲಿ ಶೇ.60 ರಷ್ಟು ಅಂಕಗಳನ್ನು ಪಡೆದ ಅಭ್ಯರ್ಥಿಗಳು ಕ್ಯಾಂಪಸ್ ಸಂದರ್ಶನದಲ್ಲಿ ಭಾಗವಹಿಸಬಹುದು. ಈ ಕ್ಯಾಂಪಸ್ ಸಂದರ್ಶನಕ್ಕೆ ಭಾಗವಹಿಸುವ ಆಸಕ್ತರು ತಮ್ಮ ವಿದ್ಯಾರ್ಹತೆಯ ಮೂಲ ದಾಖಲಾತಿಗಳು(ಶೇ.60 ಅಂಕಗಳು), ಬ್ಯಾಂಕ್ ಖಾತೆಗೆ ಜೋಡಣೆಯಾಗಿರುವ ಆಧಾರ್ ಕಾರ್ಡ್, ಬ್ಯಾಂಕ್ ಪಾಸ್‌ಬುಕ್‌ಗಳ ಒಂದು ಸೆಟ್ ಜೆರಾಕ್ಸ್ ಪ್ರತಿಗಳು ಮತ್ತು ಇ–ಕೆವೈಸಿ ಹಾಗೂ ಆಧಾರ್ ಲಿಂಕ್ ಆಗಿರುವ ಮೊಬೈಲ್ ಸಂಖ್ಯೆಯನ್ನು ಹೊಂದಿರಬೇಕು.

ಹೆಚ್ಚಿನ ಮಾಹಿತಿಗಾಗಿ ತಳಕಲ್ ಸರ್ಕಾರಿ ಕೈಗಾರಿಕಾ ತರಬೇತಿ ಸಂಸ್ಥೆ, ಮೊಬೈಲ್ ಸಂ: 9740358208, 9945982260, 6363737640 ಹಾಗೂ 8147811887 ಇವರಿಗೆ ಸಂಪರ್ಕಿಸಬಹುದು ಎಂದು ಸಂಸ್ಥೆಯ ಪ್ರಕಟಣೆಯು ತಿಳಿಸಿದೆ.

Edited, Printed, Published & Owned by MANJUNATH G.GONDBAL At Vishwa Offeset Printers and Publishers, Taluka Panchayath Complex, Koppal-583231.
Karanataka Phone: 9483468333, 9448300070, email:badalavanedailykoppal@gmail.com
